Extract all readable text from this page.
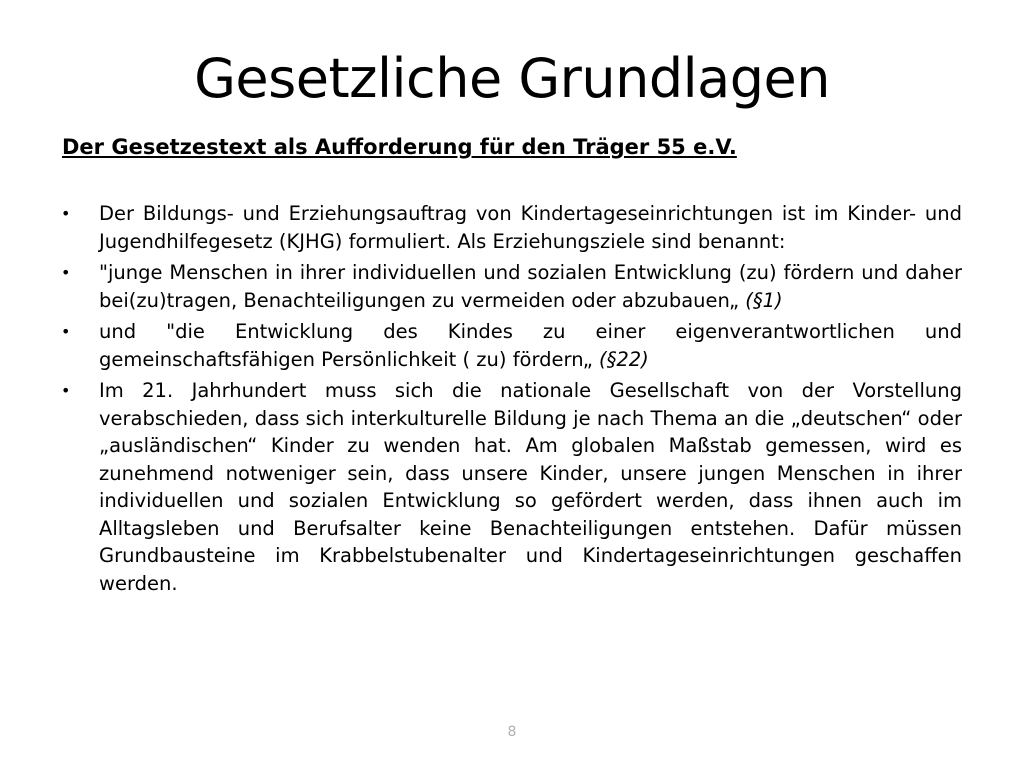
Gesetzliche Grundlagen
Der Gesetzestext als Aufforderung für den Träger 55 e.V.
• Der Bildungs- und Erziehungsauftrag von Kindertageseinrichtungen ist im Kinder- und Jugendhilfegesetz (KJHG) formuliert. Als Erziehungsziele sind benannt:
• "junge Menschen in ihrer individuellen und sozialen Entwicklung (zu) fördern und daher bei(zu)tragen, Benachteiligungen zu vermeiden oder abzubauen„ (§1)
• und "die Entwicklung des Kindes zu einer eigenverantwortlichen und gemeinschaftsfähigen Persönlichkeit ( zu) fördern„ (§22)
• Im 21. Jahrhundert muss sich die nationale Gesellschaft von der Vorstellung verabschieden, dass sich interkulturelle Bildung je nach Thema an die „deutschen“ oder „ausländischen“ Kinder zu wenden hat. Am globalen Maßstab gemessen, wird es zunehmend notweniger sein, dass unsere Kinder, unsere jungen Menschen in ihrer individuellen und sozialen Entwicklung so gefördert werden, dass ihnen auch im Alltagsleben und Berufsalter keine Benachteiligungen entstehen. Dafür müssen Grundbausteine im Krabbelstubenalter und Kindertageseinrichtungen geschaffen werden.
8
